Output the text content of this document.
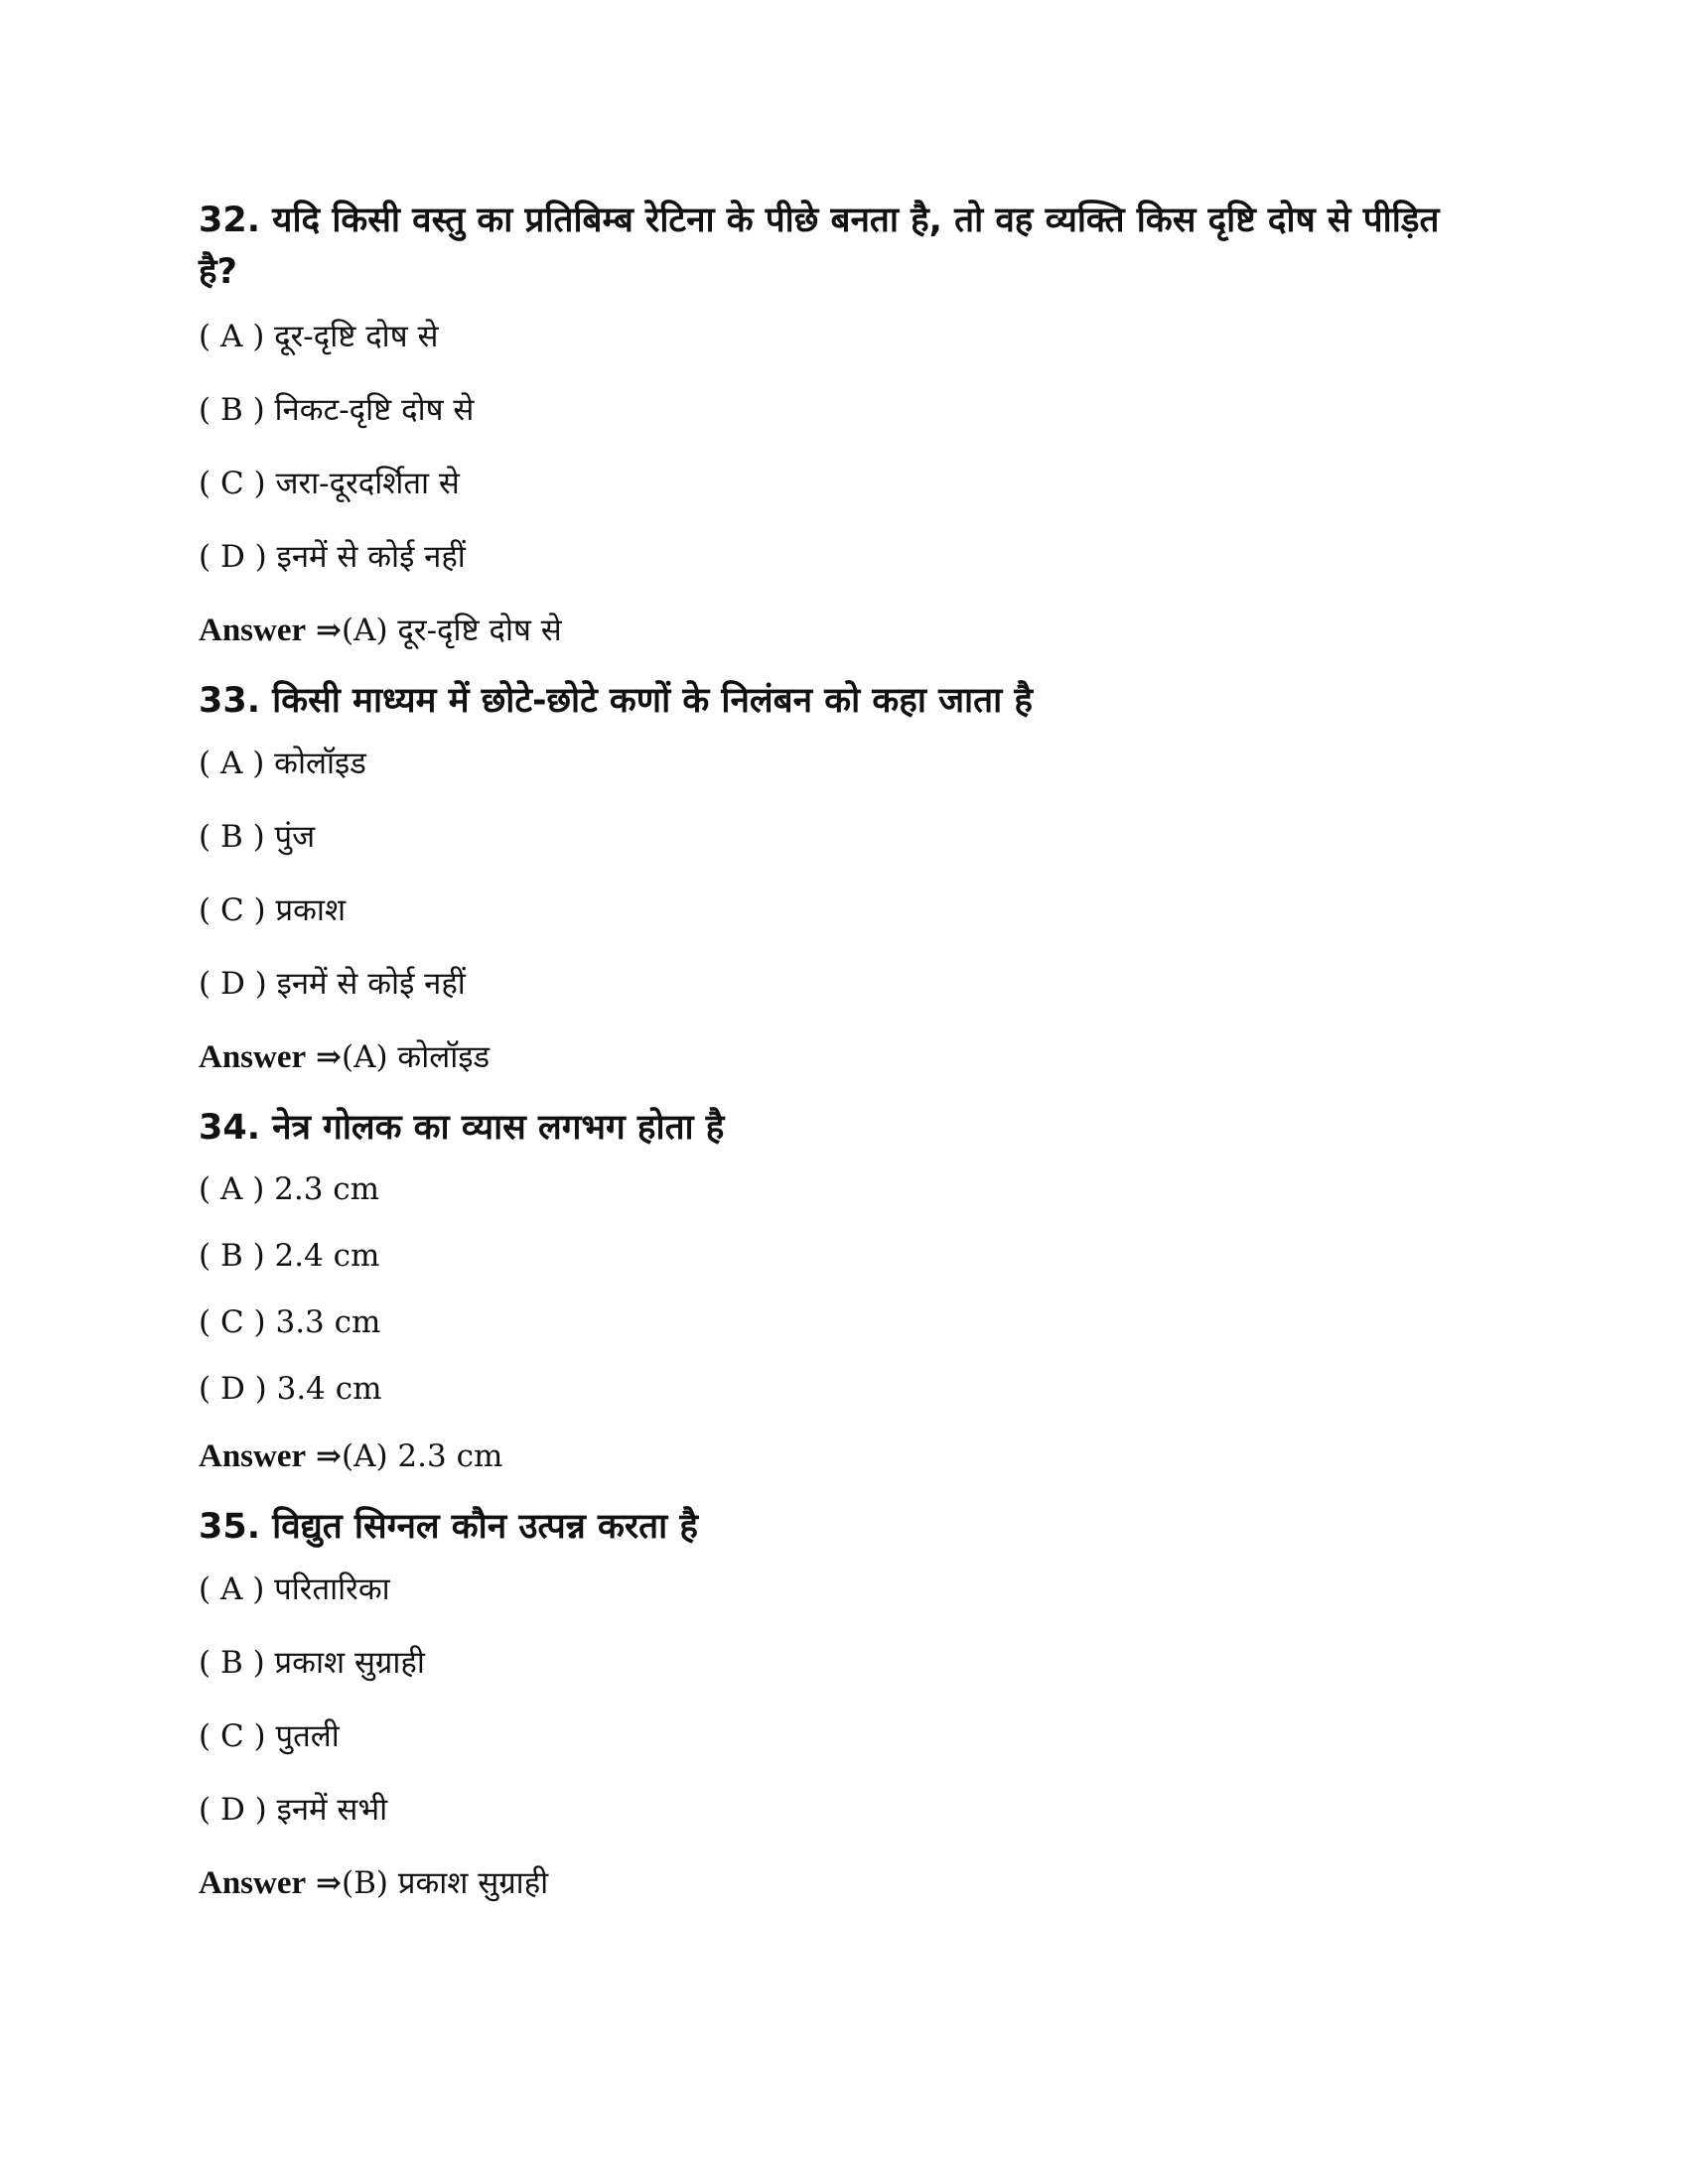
32. यदि किसी वस्तु का प्रतिबिम्ब रेटिना के पीछे बनता है, तो वह व्यक्ति किस दृष्टि दोष से पीड़ित है?
( A ) दूर-दृष्टि दोष से
( B ) निकट-दृष्टि दोष से
( C ) जरा-दूरदर्शिता से
( D ) इनमें से कोई नहीं
Answer ⇒(A) दूर-दृष्टि दोष से
33. किसी माध्यम में छोटे-छोटे कणों के निलंबन को कहा जाता है
( A ) कोलॉइड
( B ) पुंज
( C ) प्रकाश
( D ) इनमें से कोई नहीं
Answer ⇒(A) कोलॉइड
34. नेत्र गोलक का व्यास लगभग होता है
( A ) 2.3 cm
( B ) 2.4 cm
( C ) 3.3 cm
( D ) 3.4 cm
Answer ⇒(A) 2.3 cm
35. विद्युत सिग्नल कौन उत्पन्न करता है
( A ) परितारिका
( B ) प्रकाश सुग्राही
( C ) पुतली
( D ) इनमें सभी
Answer ⇒(B) प्रकाश सुग्राही
